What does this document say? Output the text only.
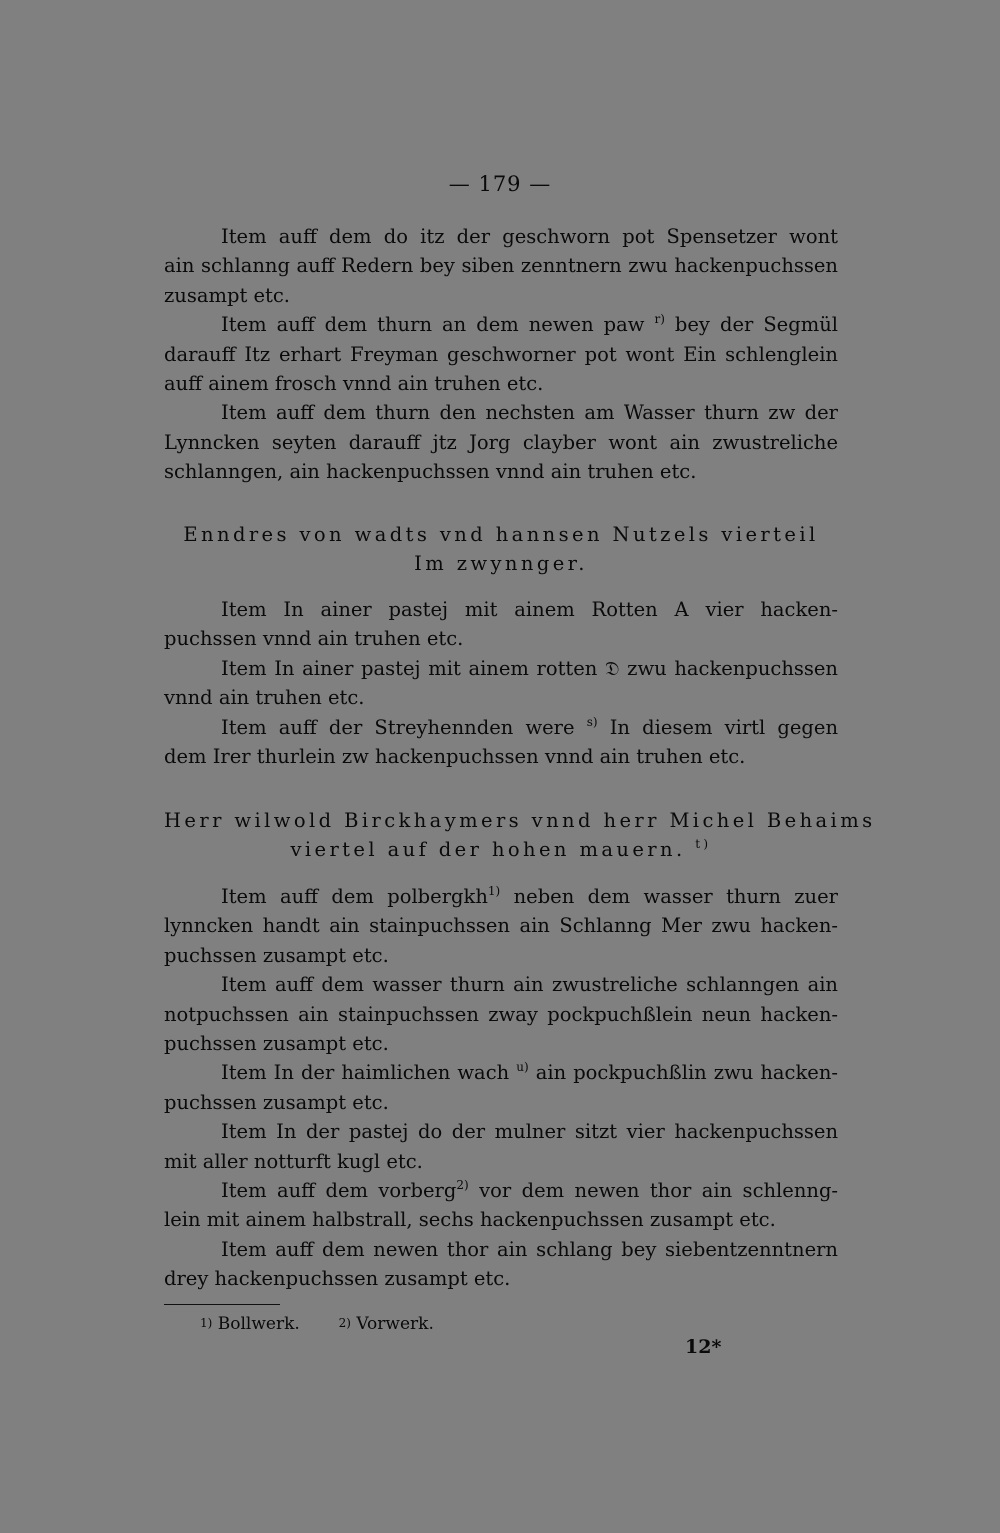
— 179 —
Item auff dem do itz der geschworn pot Spensetzer wont
ain schlanng auff Redern bey siben zenntnern zwu hackenpuchssen
zusampt etc.
Item auff dem thurn an dem newen paw $^{r)}$ bey der Segmül
darauff Itz erhart Freyman geschworner pot wont Ein schlenglein
auff ainem frosch vnnd ain truhen etc.
Item auff dem thurn den nechsten am Wasser thurn zw der
Lynncken seyten darauff jtz Jorg clayber wont ain zwustreliche
schlanngen, ain hackenpuchssen vnnd ain truhen etc.
Enndres von wadts vnd hannsen Nutzels vierteil
Im zwynnger.
Item In ainer pastej mit ainem Rotten A vier hacken-
puchssen vnnd ain truhen etc.
Item In ainer pastej mit ainem rotten 𝔇 zwu hackenpuchssen
vnnd ain truhen etc.
Item auff der Streyhennden were $^{s)}$ In diesem virtl gegen
dem Irer thurlein zw hackenpuchssen vnnd ain truhen etc.
Herr wilwold Birckhaymers vnnd herr Michel Behaims
viertel auf der hohen mauern. $^{t)}$
Item auff dem polbergkh$^{1)}$ neben dem wasser thurn zuer
lynncken handt ain stainpuchssen ain Schlanng Mer zwu hacken-
puchssen zusampt etc.
Item auff dem wasser thurn ain zwustreliche schlanngen ain
notpuchssen ain stainpuchssen zway pockpuchßlein neun hacken-
puchssen zusampt etc.
Item In der haimlichen wach $^{u)}$ ain pockpuchßlin zwu hacken-
puchssen zusampt etc.
Item In der pastej do der mulner sitzt vier hackenpuchssen
mit aller notturft kugl etc.
Item auff dem vorberg$^{2)}$ vor dem newen thor ain schlenng-
lein mit ainem halbstrall, sechs hackenpuchssen zusampt etc.
Item auff dem newen thor ain schlang bey siebentzenntnern
drey hackenpuchssen zusampt etc.
$^{1)}$ Bollwerk.	$^{2)}$ Vorwerk.
12*
